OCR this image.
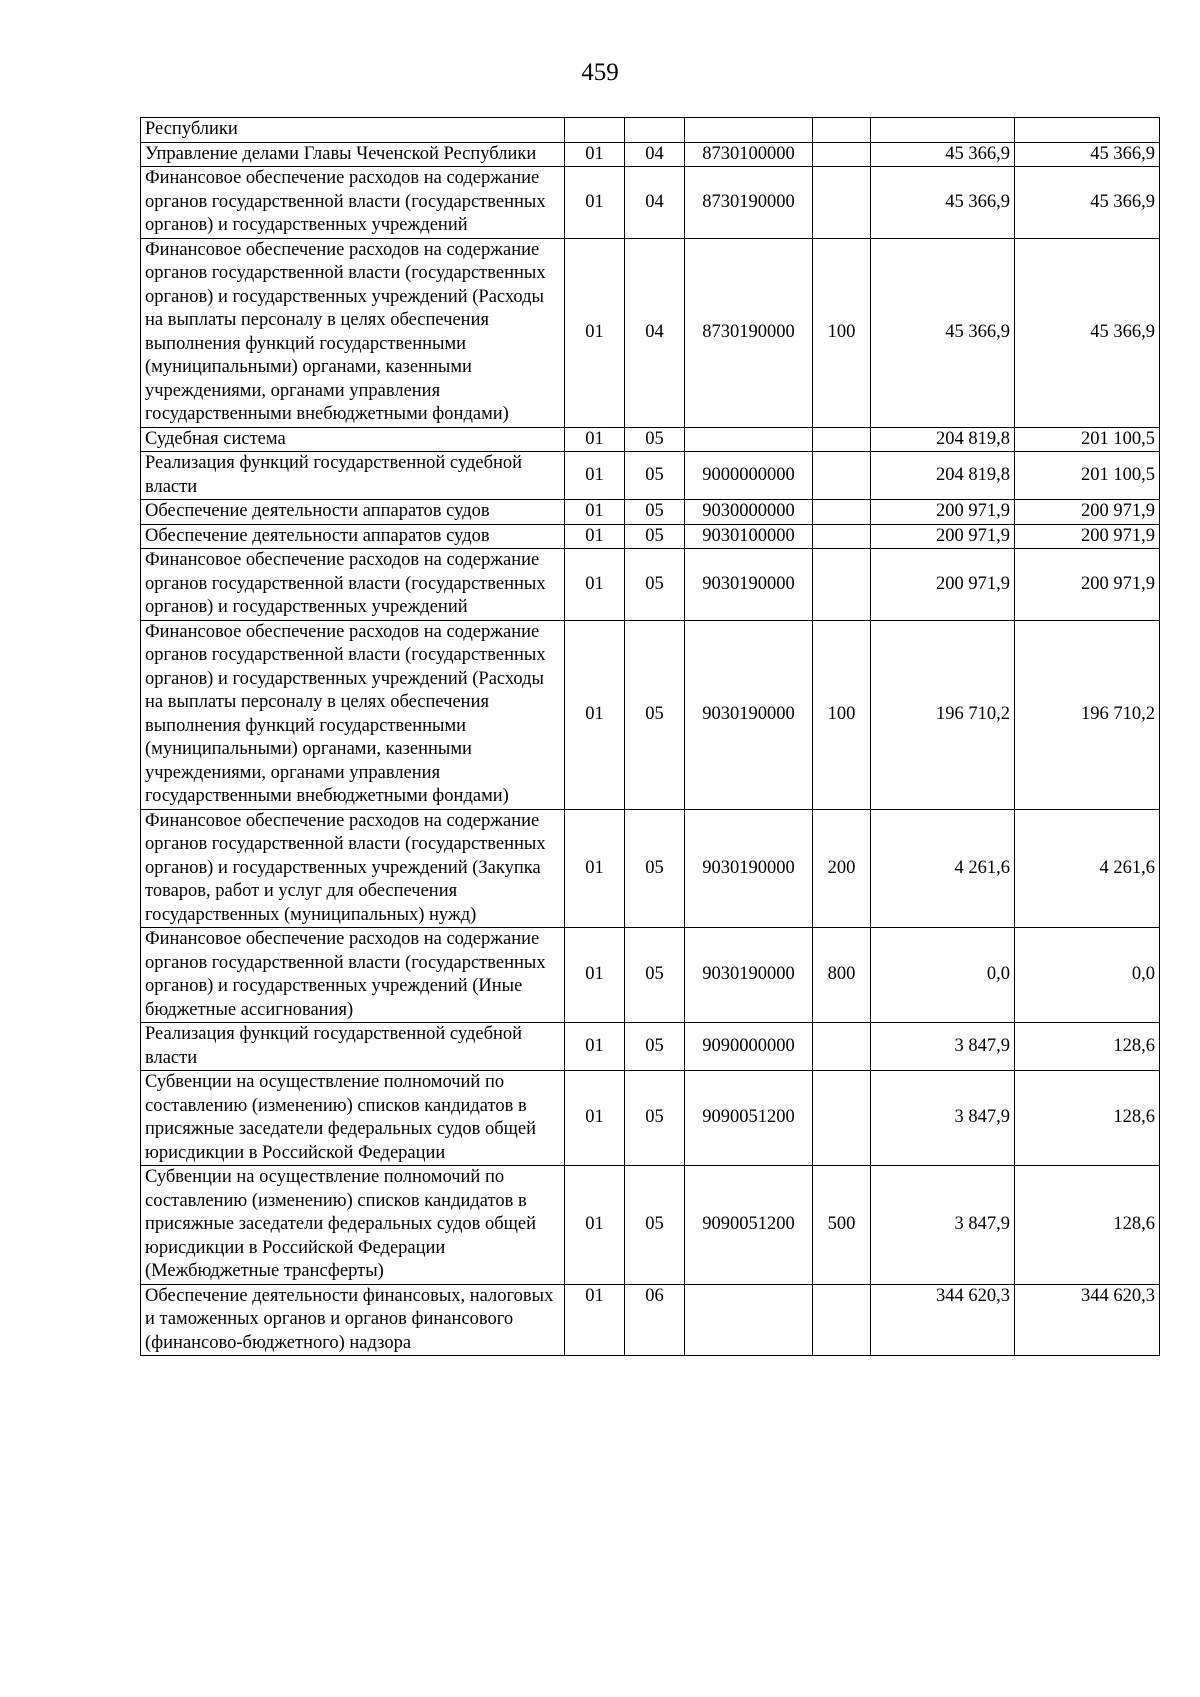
459
Республики						
Управление делами Главы Чеченской Республики	01	04	8730100000		45 366,9	45 366,9
Финансовое обеспечение расходов на содержание органов государственной власти (государственных органов) и государственных учреждений	01	04	8730190000		45 366,9	45 366,9
Финансовое обеспечение расходов на содержание органов государственной власти (государственных органов) и государственных учреждений (Расходы на выплаты персоналу в целях обеспечения выполнения функций государственными (муниципальными) органами, казенными учреждениями, органами управления государственными внебюджетными фондами)	01	04	8730190000	100	45 366,9	45 366,9
Судебная система	01	05			204 819,8	201 100,5
Реализация функций государственной судебной власти	01	05	9000000000		204 819,8	201 100,5
Обеспечение деятельности аппаратов судов	01	05	9030000000		200 971,9	200 971,9
Обеспечение деятельности аппаратов судов	01	05	9030100000		200 971,9	200 971,9
Финансовое обеспечение расходов на содержание органов государственной власти (государственных органов) и государственных учреждений	01	05	9030190000		200 971,9	200 971,9
Финансовое обеспечение расходов на содержание органов государственной власти (государственных органов) и государственных учреждений (Расходы на выплаты персоналу в целях обеспечения выполнения функций государственными (муниципальными) органами, казенными учреждениями, органами управления государственными внебюджетными фондами)	01	05	9030190000	100	196 710,2	196 710,2
Финансовое обеспечение расходов на содержание органов государственной власти (государственных органов) и государственных учреждений (Закупка товаров, работ и услуг для обеспечения государственных (муниципальных) нужд)	01	05	9030190000	200	4 261,6	4 261,6
Финансовое обеспечение расходов на содержание органов государственной власти (государственных органов) и государственных учреждений (Иные бюджетные ассигнования)	01	05	9030190000	800	0,0	0,0
Реализация функций государственной судебной власти	01	05	9090000000		3 847,9	128,6
Субвенции на осуществление полномочий по составлению (изменению) списков кандидатов в присяжные заседатели федеральных судов общей юрисдикции в Российской Федерации	01	05	9090051200		3 847,9	128,6
Субвенции на осуществление полномочий по составлению (изменению) списков кандидатов в присяжные заседатели федеральных судов общей юрисдикции в Российской Федерации (Межбюджетные трансферты)	01	05	9090051200	500	3 847,9	128,6
Обеспечение деятельности финансовых, налоговых и таможенных органов и органов финансового (финансово-бюджетного) надзора	01	06			344 620,3	344 620,3
